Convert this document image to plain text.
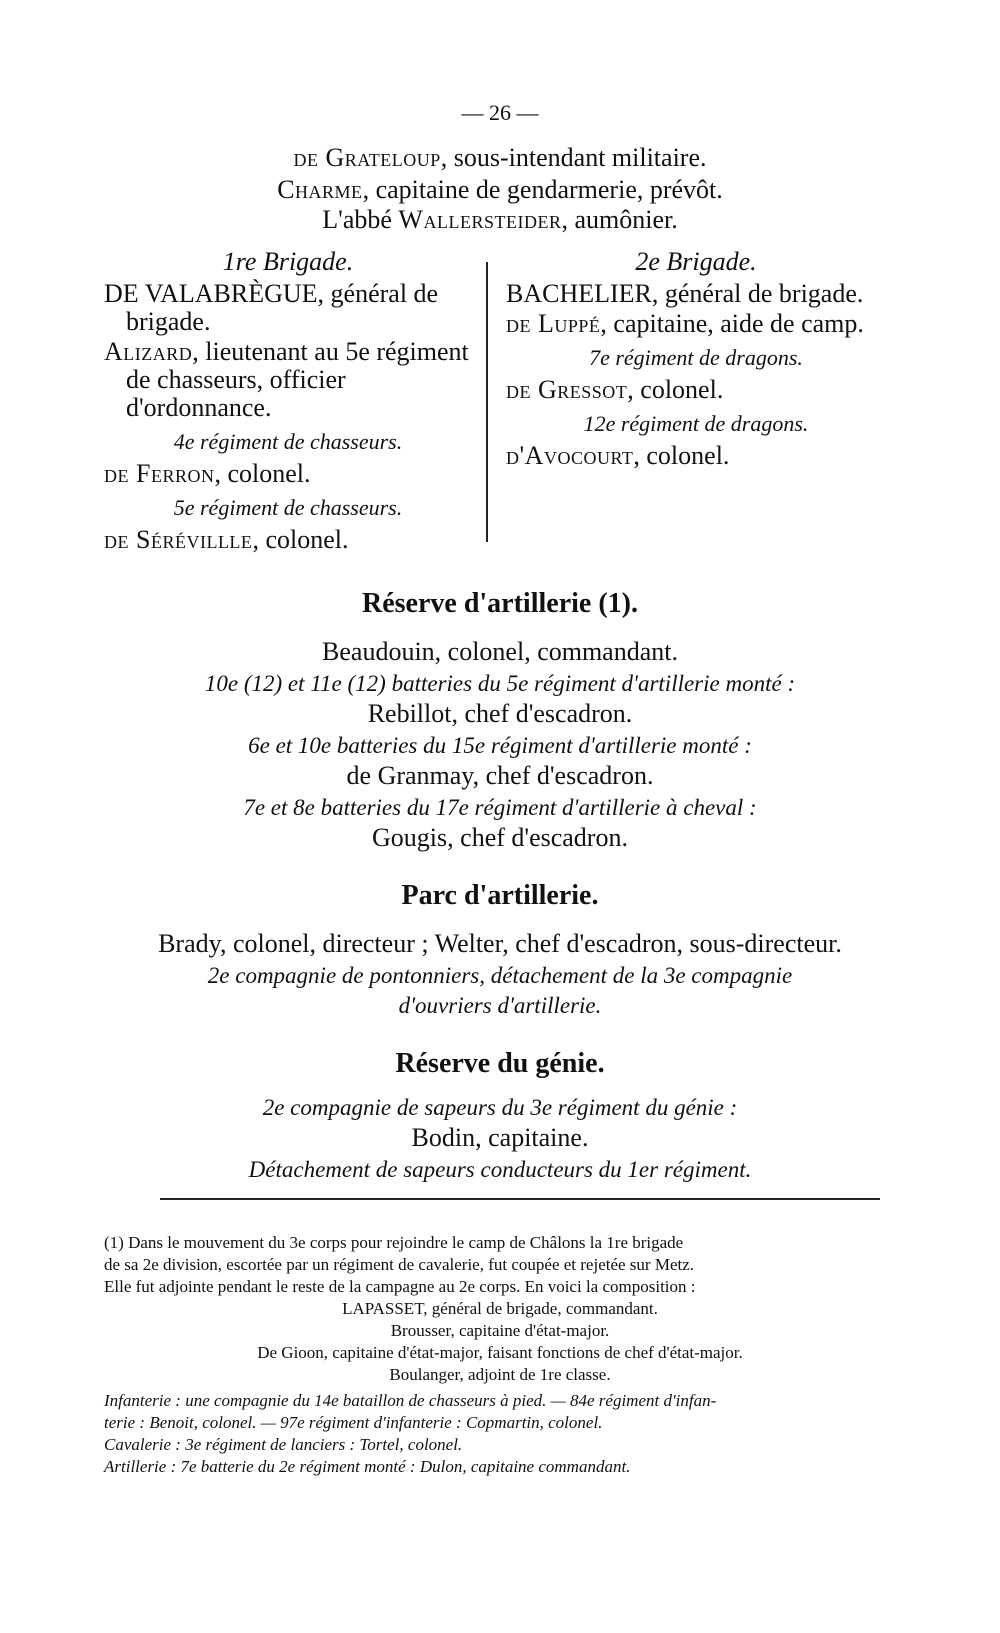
— 26 —
de Grateloup, sous-intendant militaire.
Charme, capitaine de gendarmerie, prévôt.
L'abbé Wallersteider, aumônier.
1re Brigade.

DE VALABRÈGUE, général de brigade.

Alizard, lieutenant au 5e régiment de chasseurs, officier d'ordonnance.

4e régiment de chasseurs.

de Ferron, colonel.

5e régiment de chasseurs.

de Sérévillle, colonel.

2e Brigade.

BACHELIER, général de brigade.

de Luppé, capitaine, aide de camp.

7e régiment de dragons.

de Gressot, colonel.

12e régiment de dragons.

d'Avocourt, colonel.

Réserve d'artillerie (1).
Beaudouin, colonel, commandant.
10e (12) et 11e (12) batteries du 5e régiment d'artillerie monté :
Rebillot, chef d'escadron.
6e et 10e batteries du 15e régiment d'artillerie monté :
de Granmay, chef d'escadron.
7e et 8e batteries du 17e régiment d'artillerie à cheval :
Gougis, chef d'escadron.
Parc d'artillerie.
Brady, colonel, directeur ; Welter, chef d'escadron, sous-directeur.
2e compagnie de pontonniers, détachement de la 3e compagnie
d'ouvriers d'artillerie.
Réserve du génie.
2e compagnie de sapeurs du 3e régiment du génie :
Bodin, capitaine.
Détachement de sapeurs conducteurs du 1er régiment.
(1) Dans le mouvement du 3e corps pour rejoindre le camp de Châlons la 1re brigade
de sa 2e division, escortée par un régiment de cavalerie, fut coupée et rejetée sur Metz.
Elle fut adjointe pendant le reste de la campagne au 2e corps. En voici la composition :
LAPASSET, général de brigade, commandant.
Brousser, capitaine d'état-major.
De Gioon, capitaine d'état-major, faisant fonctions de chef d'état-major.
Boulanger, adjoint de 1re classe.
Infanterie : une compagnie du 14e bataillon de chasseurs à pied. — 84e régiment d'infan-
terie : Benoit, colonel. — 97e régiment d'infanterie : Copmartin, colonel.
Cavalerie : 3e régiment de lanciers : Tortel, colonel.
Artillerie : 7e batterie du 2e régiment monté : Dulon, capitaine commandant.
